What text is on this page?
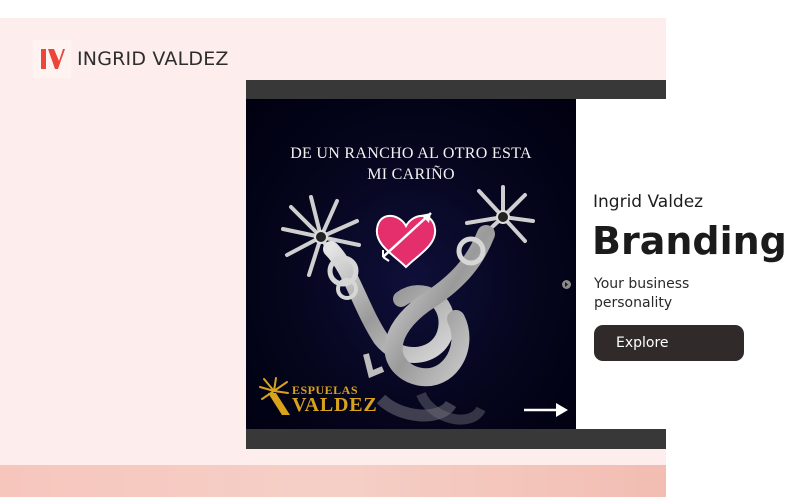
INGRID VALDEZ
DE UN RANCHO AL OTRO ESTA
MI CARIÑO
ESPUELAS
VALDEZ
Ingrid Valdez
Branding
Your business
personality
Explore
